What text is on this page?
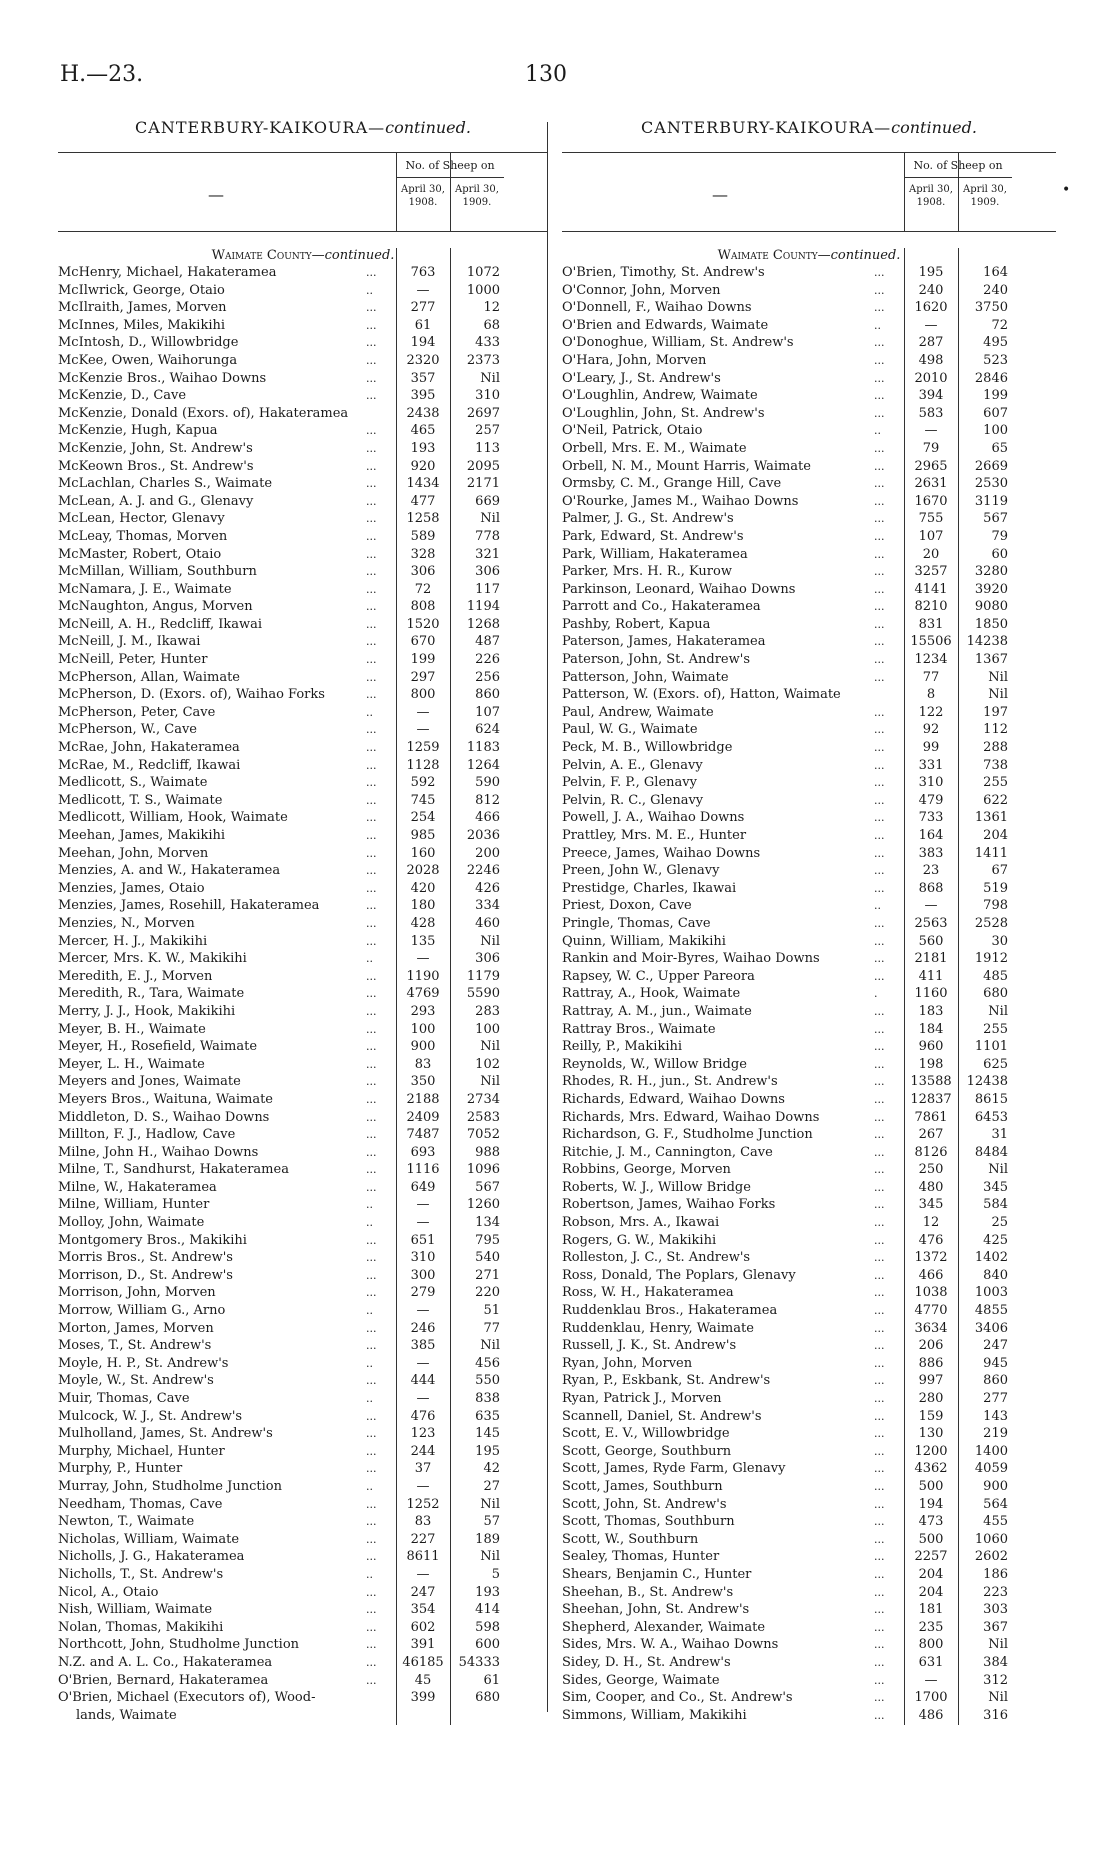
H.—23.	130
CANTERBURY-KAIKOURA—continued.
—
No. of Sheep on
April 30,
1908.
April 30,
1909.
Waimate County—continued.
McHenry, Michael, Hakateramea	...	763	1072
McIlwrick, George, Otaio	..	—	1000
McIlraith, James, Morven	...	277	12
McInnes, Miles, Makikihi	...	61	68
McIntosh, D., Willowbridge	...	194	433
McKee, Owen, Waihorunga	...	2320	2373
McKenzie Bros., Waihao Downs	...	357	Nil
McKenzie, D., Cave	...	395	310
McKenzie, Donald (Exors. of), Hakateramea	2438	2697
McKenzie, Hugh, Kapua	...	465	257
McKenzie, John, St. Andrew's	...	193	113
McKeown Bros., St. Andrew's	...	920	2095
McLachlan, Charles S., Waimate	...	1434	2171
McLean, A. J. and G., Glenavy	...	477	669
McLean, Hector, Glenavy	...	1258	Nil
McLeay, Thomas, Morven	...	589	778
McMaster, Robert, Otaio	...	328	321
McMillan, William, Southburn	...	306	306
McNamara, J. E., Waimate	...	72	117
McNaughton, Angus, Morven	...	808	1194
McNeill, A. H., Redcliff, Ikawai	...	1520	1268
McNeill, J. M., Ikawai	...	670	487
McNeill, Peter, Hunter	...	199	226
McPherson, Allan, Waimate	...	297	256
McPherson, D. (Exors. of), Waihao Forks	...	800	860
McPherson, Peter, Cave	..	—	107
McPherson, W., Cave	...	—	624
McRae, John, Hakateramea	...	1259	1183
McRae, M., Redcliff, Ikawai	...	1128	1264
Medlicott, S., Waimate	...	592	590
Medlicott, T. S., Waimate	...	745	812
Medlicott, William, Hook, Waimate	...	254	466
Meehan, James, Makikihi	...	985	2036
Meehan, John, Morven	...	160	200
Menzies, A. and W., Hakateramea	...	2028	2246
Menzies, James, Otaio	...	420	426
Menzies, James, Rosehill, Hakateramea	...	180	334
Menzies, N., Morven	...	428	460
Mercer, H. J., Makikihi	...	135	Nil
Mercer, Mrs. K. W., Makikihi	..	—	306
Meredith, E. J., Morven	...	1190	1179
Meredith, R., Tara, Waimate	...	4769	5590
Merry, J. J., Hook, Makikihi	...	293	283
Meyer, B. H., Waimate	...	100	100
Meyer, H., Rosefield, Waimate	...	900	Nil
Meyer, L. H., Waimate	...	83	102
Meyers and Jones, Waimate	...	350	Nil
Meyers Bros., Waituna, Waimate	...	2188	2734
Middleton, D. S., Waihao Downs	...	2409	2583
Millton, F. J., Hadlow, Cave	...	7487	7052
Milne, John H., Waihao Downs	...	693	988
Milne, T., Sandhurst, Hakateramea	...	1116	1096
Milne, W., Hakateramea	...	649	567
Milne, William, Hunter	..	—	1260
Molloy, John, Waimate	..	—	134
Montgomery Bros., Makikihi	...	651	795
Morris Bros., St. Andrew's	...	310	540
Morrison, D., St. Andrew's	...	300	271
Morrison, John, Morven	...	279	220
Morrow, William G., Arno	..	—	51
Morton, James, Morven	...	246	77
Moses, T., St. Andrew's	...	385	Nil
Moyle, H. P., St. Andrew's	..	—	456
Moyle, W., St. Andrew's	...	444	550
Muir, Thomas, Cave	..	—	838
Mulcock, W. J., St. Andrew's	...	476	635
Mulholland, James, St. Andrew's	...	123	145
Murphy, Michael, Hunter	...	244	195
Murphy, P., Hunter	...	37	42
Murray, John, Studholme Junction	..	—	27
Needham, Thomas, Cave	...	1252	Nil
Newton, T., Waimate	...	83	57
Nicholas, William, Waimate	...	227	189
Nicholls, J. G., Hakateramea	...	8611	Nil
Nicholls, T., St. Andrew's	..	—	5
Nicol, A., Otaio	...	247	193
Nish, William, Waimate	...	354	414
Nolan, Thomas, Makikihi	...	602	598
Northcott, John, Studholme Junction	...	391	600
N.Z. and A. L. Co., Hakateramea	...	46185	54333
O'Brien, Bernard, Hakateramea	...	45	61
O'Brien, Michael (Executors of), Wood-	399	680
lands, Waimate
CANTERBURY-KAIKOURA—continued.
—
No. of Sheep on
April 30,
1908.
April 30,
1909.
Waimate County—continued.
O'Brien, Timothy, St. Andrew's	...	195	164
O'Connor, John, Morven	...	240	240
O'Donnell, F., Waihao Downs	...	1620	3750
O'Brien and Edwards, Waimate	..	—	72
O'Donoghue, William, St. Andrew's	...	287	495
O'Hara, John, Morven	...	498	523
O'Leary, J., St. Andrew's	...	2010	2846
O'Loughlin, Andrew, Waimate	...	394	199
O'Loughlin, John, St. Andrew's	...	583	607
O'Neil, Patrick, Otaio	..	—	100
Orbell, Mrs. E. M., Waimate	...	79	65
Orbell, N. M., Mount Harris, Waimate	...	2965	2669
Ormsby, C. M., Grange Hill, Cave	...	2631	2530
O'Rourke, James M., Waihao Downs	...	1670	3119
Palmer, J. G., St. Andrew's	...	755	567
Park, Edward, St. Andrew's	...	107	79
Park, William, Hakateramea	...	20	60
Parker, Mrs. H. R., Kurow	...	3257	3280
Parkinson, Leonard, Waihao Downs	...	4141	3920
Parrott and Co., Hakateramea	...	8210	9080
Pashby, Robert, Kapua	...	831	1850
Paterson, James, Hakateramea	...	15506	14238
Paterson, John, St. Andrew's	...	1234	1367
Patterson, John, Waimate	...	77	Nil
Patterson, W. (Exors. of), Hatton, Waimate	8	Nil
Paul, Andrew, Waimate	...	122	197
Paul, W. G., Waimate	...	92	112
Peck, M. B., Willowbridge	...	99	288
Pelvin, A. E., Glenavy	...	331	738
Pelvin, F. P., Glenavy	...	310	255
Pelvin, R. C., Glenavy	...	479	622
Powell, J. A., Waihao Downs	...	733	1361
Prattley, Mrs. M. E., Hunter	...	164	204
Preece, James, Waihao Downs	...	383	1411
Preen, John W., Glenavy	...	23	67
Prestidge, Charles, Ikawai	...	868	519
Priest, Doxon, Cave	..	—	798
Pringle, Thomas, Cave	...	2563	2528
Quinn, William, Makikihi	...	560	30
Rankin and Moir-Byres, Waihao Downs	...	2181	1912
Rapsey, W. C., Upper Pareora	...	411	485
Rattray, A., Hook, Waimate	.	1160	680
Rattray, A. M., jun., Waimate	...	183	Nil
Rattray Bros., Waimate	...	184	255
Reilly, P., Makikihi	...	960	1101
Reynolds, W., Willow Bridge	...	198	625
Rhodes, R. H., jun., St. Andrew's	...	13588	12438
Richards, Edward, Waihao Downs	...	12837	8615
Richards, Mrs. Edward, Waihao Downs	...	7861	6453
Richardson, G. F., Studholme Junction	...	267	31
Ritchie, J. M., Cannington, Cave	...	8126	8484
Robbins, George, Morven	...	250	Nil
Roberts, W. J., Willow Bridge	...	480	345
Robertson, James, Waihao Forks	...	345	584
Robson, Mrs. A., Ikawai	...	12	25
Rogers, G. W., Makikihi	...	476	425
Rolleston, J. C., St. Andrew's	...	1372	1402
Ross, Donald, The Poplars, Glenavy	...	466	840
Ross, W. H., Hakateramea	...	1038	1003
Ruddenklau Bros., Hakateramea	...	4770	4855
Ruddenklau, Henry, Waimate	...	3634	3406
Russell, J. K., St. Andrew's	...	206	247
Ryan, John, Morven	...	886	945
Ryan, P., Eskbank, St. Andrew's	...	997	860
Ryan, Patrick J., Morven	...	280	277
Scannell, Daniel, St. Andrew's	...	159	143
Scott, E. V., Willowbridge	...	130	219
Scott, George, Southburn	...	1200	1400
Scott, James, Ryde Farm, Glenavy	...	4362	4059
Scott, James, Southburn	...	500	900
Scott, John, St. Andrew's	...	194	564
Scott, Thomas, Southburn	...	473	455
Scott, W., Southburn	...	500	1060
Sealey, Thomas, Hunter	...	2257	2602
Shears, Benjamin C., Hunter	...	204	186
Sheehan, B., St. Andrew's	...	204	223
Sheehan, John, St. Andrew's	...	181	303
Shepherd, Alexander, Waimate	...	235	367
Sides, Mrs. W. A., Waihao Downs	...	800	Nil
Sidey, D. H., St. Andrew's	...	631	384
Sides, George, Waimate	...	—	312
Sim, Cooper, and Co., St. Andrew's	...	1700	Nil
Simmons, William, Makikihi	...	486	316
•
